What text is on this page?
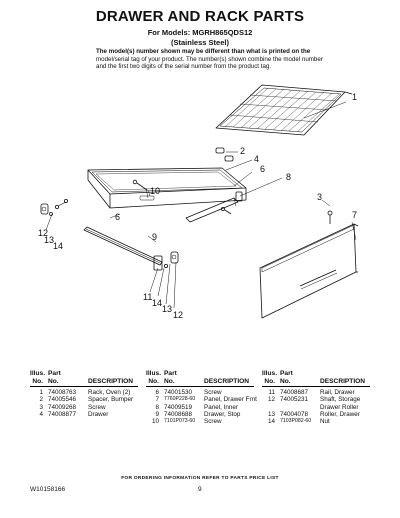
DRAWER AND RACK PARTS
For Models: MGRH865QDS12
(Stainless Steel)
The model(s) number shown may be different than what is printed on the model/serial tag of your product. The number(s) shown combine the model number and the first two digits of the serial number from the product tag.
1
2
4
6
8
3
7
10
6
12
13
14
9
11
14
13
12
Illus. Part
No. No.	DESCRIPTION
1 74008763 Rack, Oven (2)
2 74005546 Spacer, Bumper
3 74009268 Screw
4 74008877 Drawer
Illus. Part
No. No.	DESCRIPTION
6 74001530 Screw
7 7760P228-60 Panel, Drawer Frnt
8 74009519 Panel, Inner
9 74008688 Drawer, Stop
10 7101P073-60 Screw
Illus. Part
No. No.	DESCRIPTION
11 74008687 Rail, Drawer
12 74005231 Shaft, Storage
Drawer Roller
13 74004078 Roller, Drawer
14 7103P082-60 Nut
FOR ORDERING INFORMATION REFER TO PARTS PRICE LIST
W10158166	9
